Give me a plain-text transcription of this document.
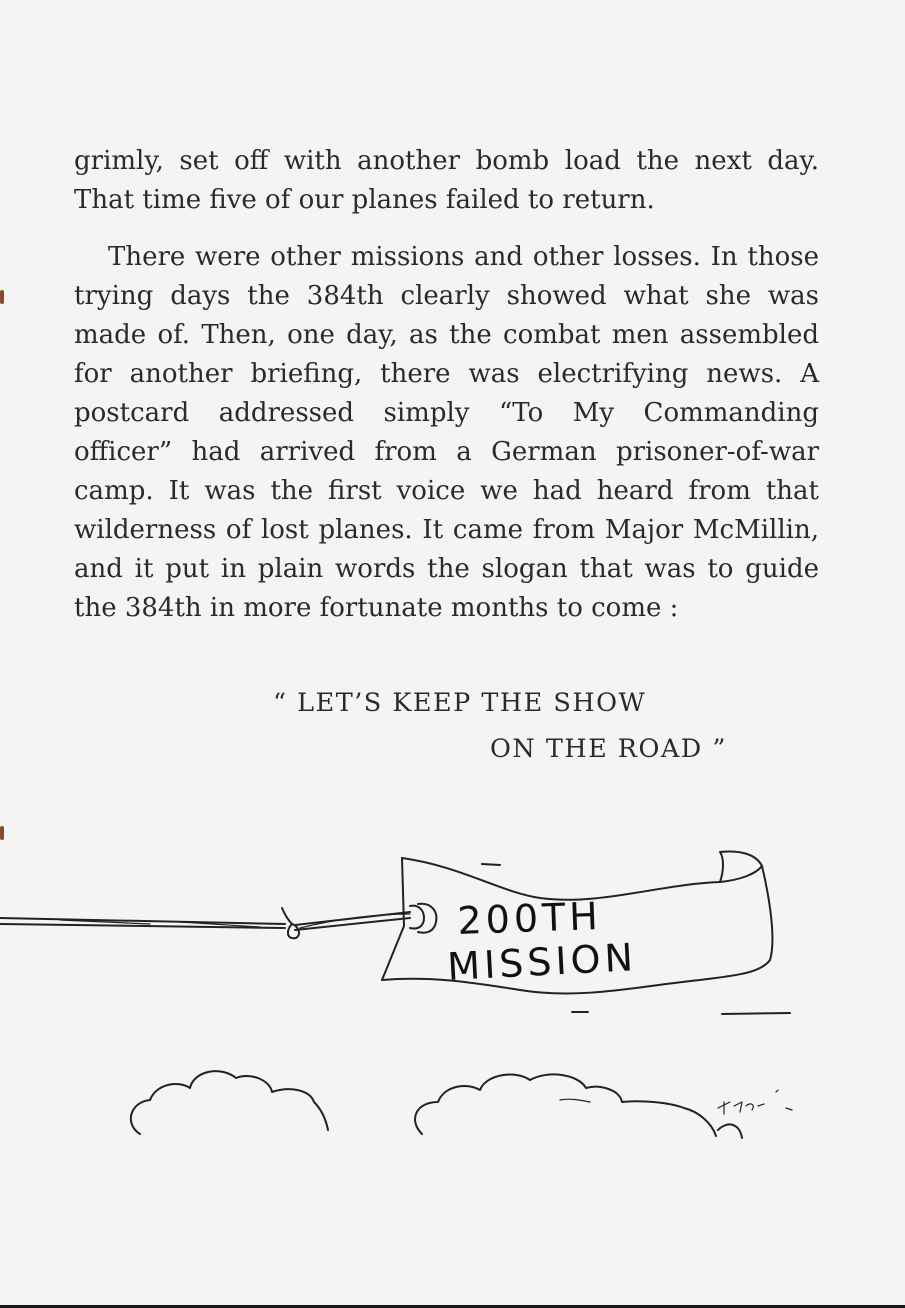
grimly, set off with another bomb load the next day. That time five of our planes failed to return.

There were other missions and other losses. In those trying days the 384th clearly showed what she was made of. Then, one day, as the combat men assembled for another briefing, there was electrifying news. A postcard addressed simply “To My Commanding officer” had arrived from a German prisoner-of-war camp. It was the first voice we had heard from that wilderness of lost planes. It came from Major McMillin, and it put in plain words the slogan that was to guide the 384th in more fortunate months to come :

“ LET’S KEEP THE SHOW
ON THE ROAD ”
200TH
MISSION
